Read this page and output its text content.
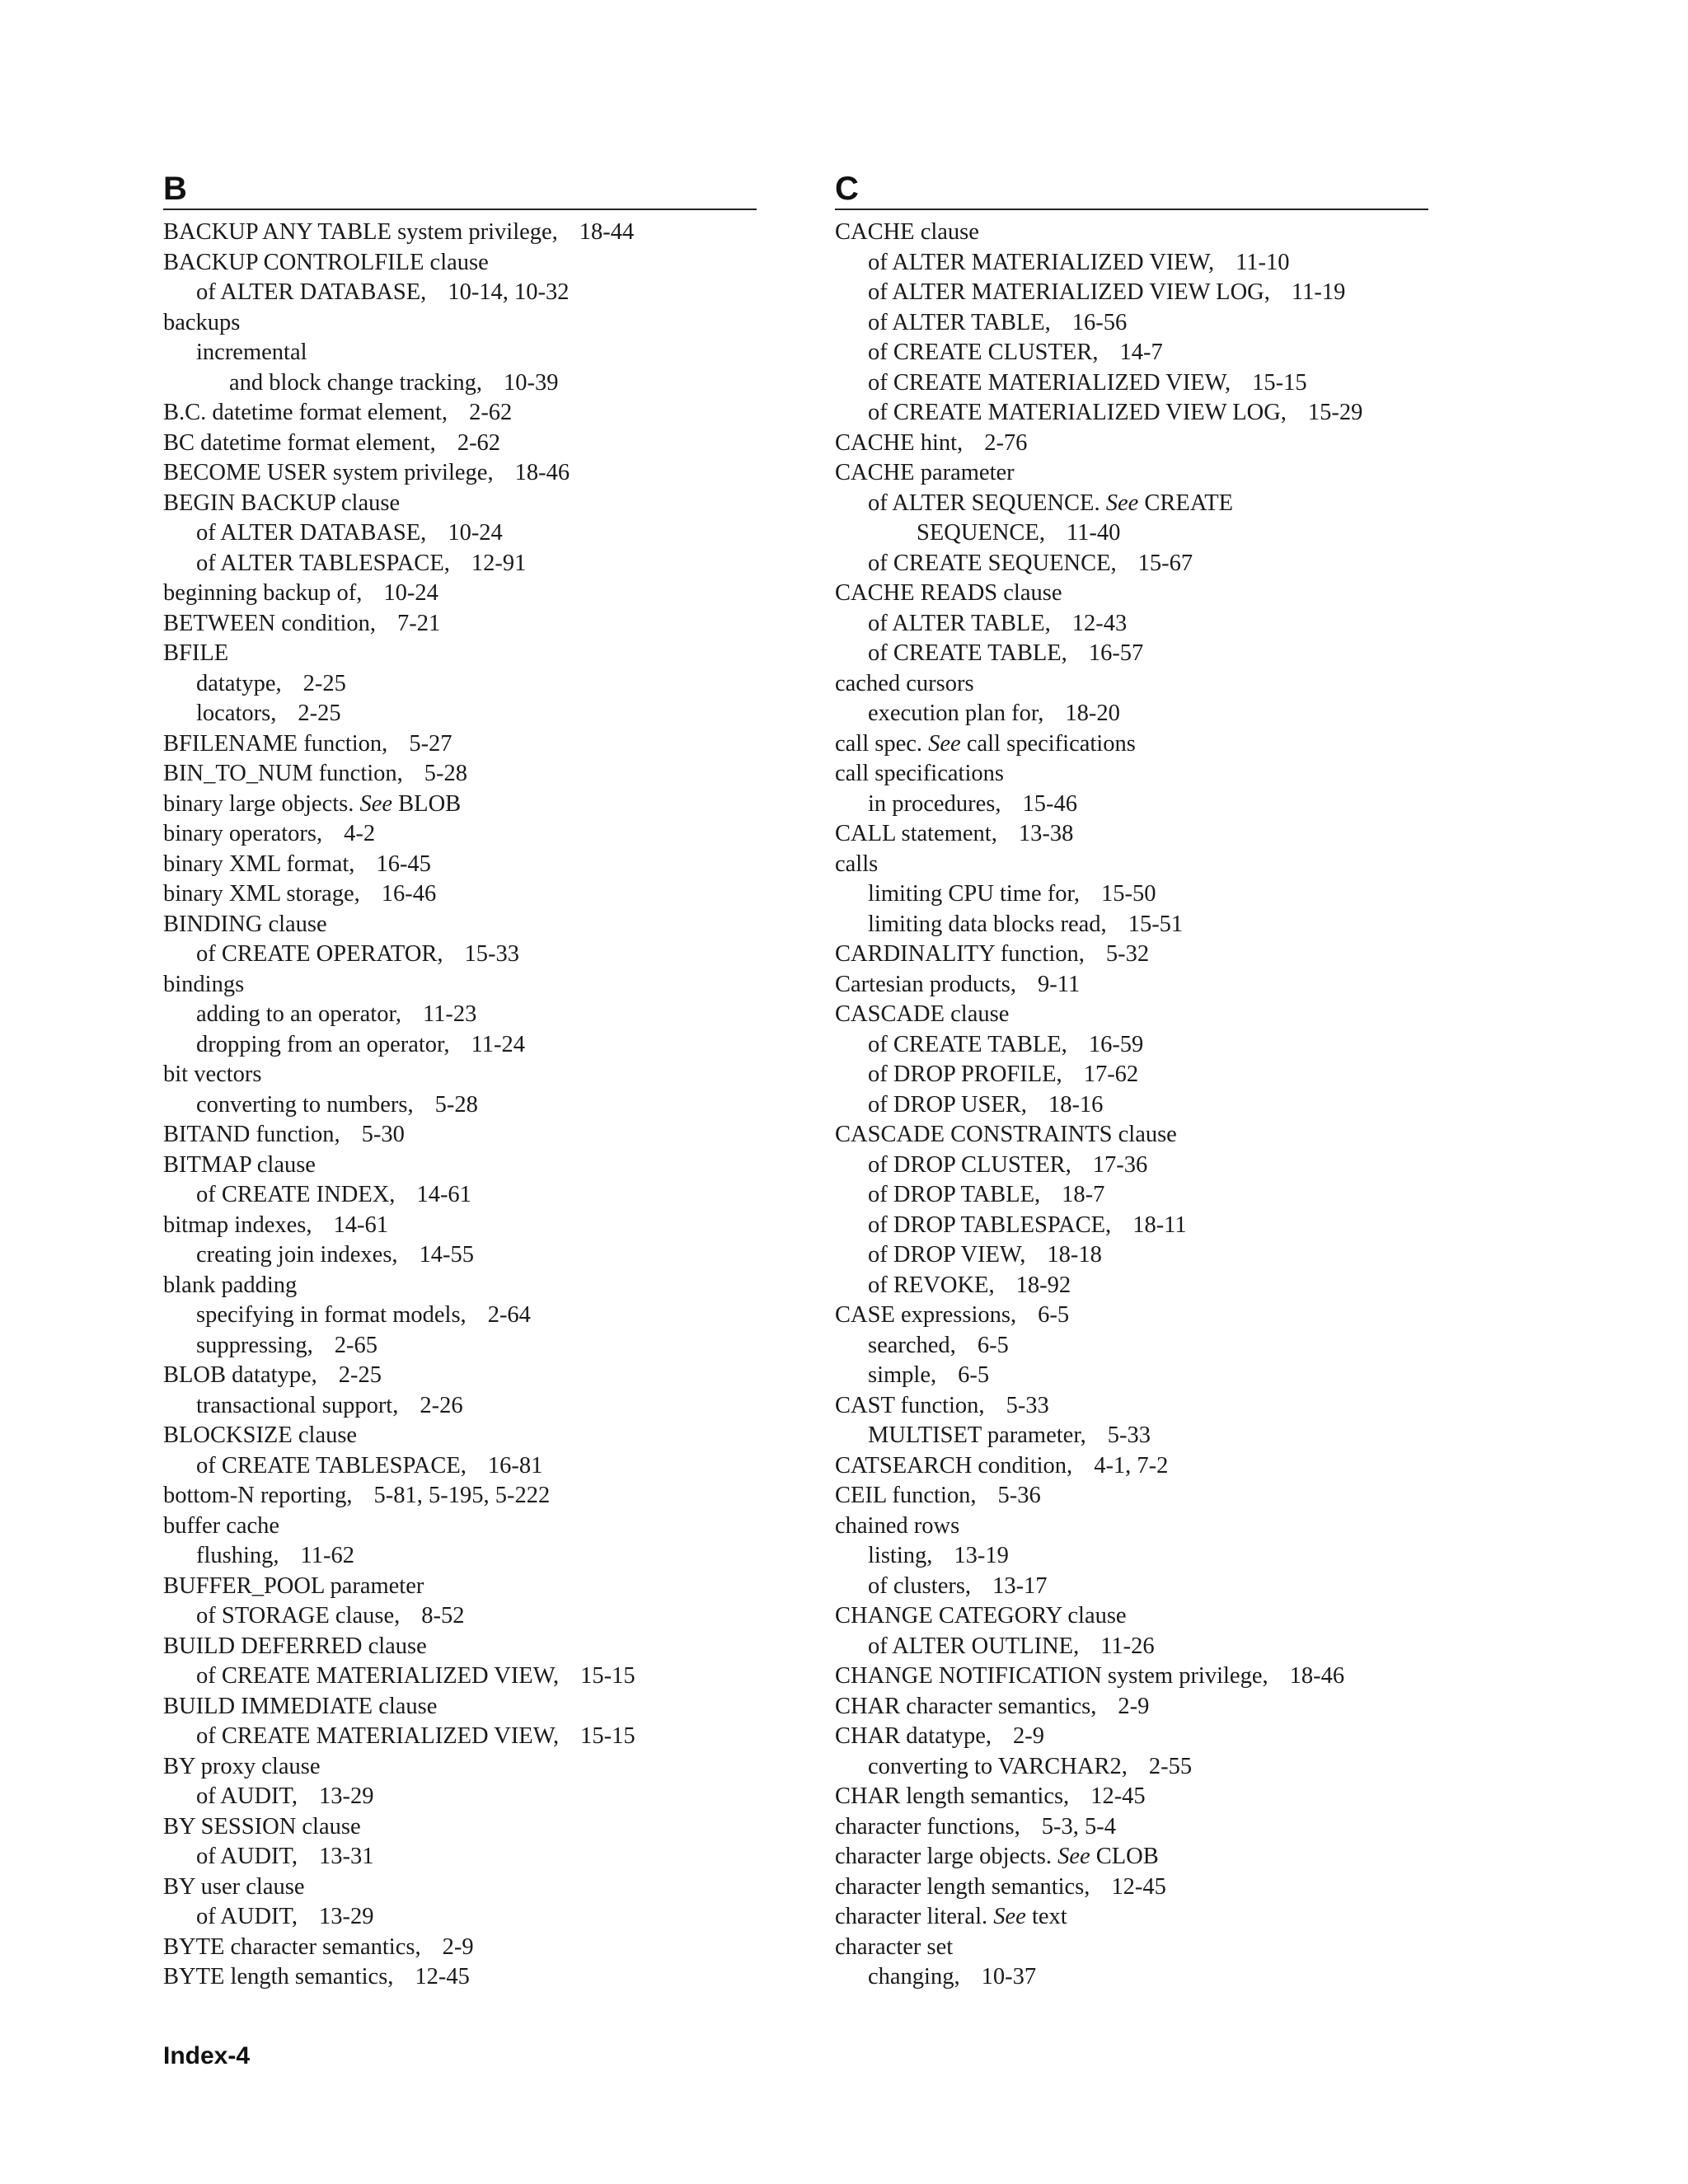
B
BACKUP ANY TABLE system privilege, 18-44
BACKUP CONTROLFILE clause
of ALTER DATABASE, 10-14, 10-32
backups
incremental
and block change tracking, 10-39
B.C. datetime format element, 2-62
BC datetime format element, 2-62
BECOME USER system privilege, 18-46
BEGIN BACKUP clause
of ALTER DATABASE, 10-24
of ALTER TABLESPACE, 12-91
beginning backup of, 10-24
BETWEEN condition, 7-21
BFILE
datatype, 2-25
locators, 2-25
BFILENAME function, 5-27
BIN_TO_NUM function, 5-28
binary large objects. See BLOB
binary operators, 4-2
binary XML format, 16-45
binary XML storage, 16-46
BINDING clause
of CREATE OPERATOR, 15-33
bindings
adding to an operator, 11-23
dropping from an operator, 11-24
bit vectors
converting to numbers, 5-28
BITAND function, 5-30
BITMAP clause
of CREATE INDEX, 14-61
bitmap indexes, 14-61
creating join indexes, 14-55
blank padding
specifying in format models, 2-64
suppressing, 2-65
BLOB datatype, 2-25
transactional support, 2-26
BLOCKSIZE clause
of CREATE TABLESPACE, 16-81
bottom-N reporting, 5-81, 5-195, 5-222
buffer cache
flushing, 11-62
BUFFER_POOL parameter
of STORAGE clause, 8-52
BUILD DEFERRED clause
of CREATE MATERIALIZED VIEW, 15-15
BUILD IMMEDIATE clause
of CREATE MATERIALIZED VIEW, 15-15
BY proxy clause
of AUDIT, 13-29
BY SESSION clause
of AUDIT, 13-31
BY user clause
of AUDIT, 13-29
BYTE character semantics, 2-9
BYTE length semantics, 12-45
C
CACHE clause
of ALTER MATERIALIZED VIEW, 11-10
of ALTER MATERIALIZED VIEW LOG, 11-19
of ALTER TABLE, 16-56
of CREATE CLUSTER, 14-7
of CREATE MATERIALIZED VIEW, 15-15
of CREATE MATERIALIZED VIEW LOG, 15-29
CACHE hint, 2-76
CACHE parameter
of ALTER SEQUENCE. See CREATE
SEQUENCE, 11-40
of CREATE SEQUENCE, 15-67
CACHE READS clause
of ALTER TABLE, 12-43
of CREATE TABLE, 16-57
cached cursors
execution plan for, 18-20
call spec. See call specifications
call specifications
in procedures, 15-46
CALL statement, 13-38
calls
limiting CPU time for, 15-50
limiting data blocks read, 15-51
CARDINALITY function, 5-32
Cartesian products, 9-11
CASCADE clause
of CREATE TABLE, 16-59
of DROP PROFILE, 17-62
of DROP USER, 18-16
CASCADE CONSTRAINTS clause
of DROP CLUSTER, 17-36
of DROP TABLE, 18-7
of DROP TABLESPACE, 18-11
of DROP VIEW, 18-18
of REVOKE, 18-92
CASE expressions, 6-5
searched, 6-5
simple, 6-5
CAST function, 5-33
MULTISET parameter, 5-33
CATSEARCH condition, 4-1, 7-2
CEIL function, 5-36
chained rows
listing, 13-19
of clusters, 13-17
CHANGE CATEGORY clause
of ALTER OUTLINE, 11-26
CHANGE NOTIFICATION system privilege, 18-46
CHAR character semantics, 2-9
CHAR datatype, 2-9
converting to VARCHAR2, 2-55
CHAR length semantics, 12-45
character functions, 5-3, 5-4
character large objects. See CLOB
character length semantics, 12-45
character literal. See text
character set
changing, 10-37
Index-4
